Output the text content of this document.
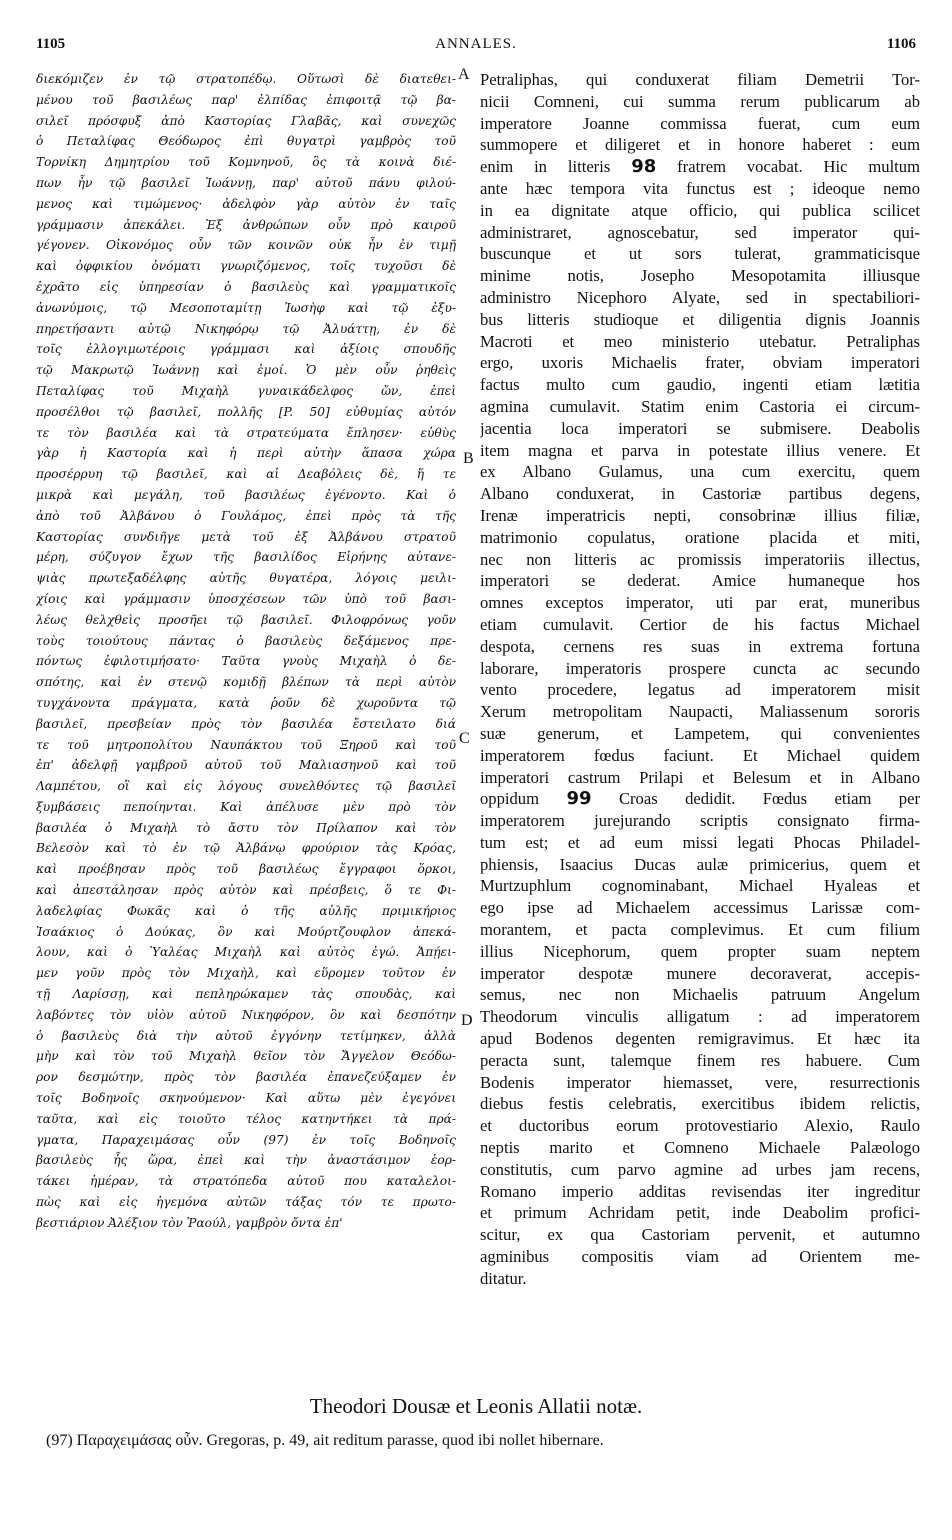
1105	ANNALES.	1106
διεκόμιζεν ἐν τῷ στρατοπέδῳ. Οὕτωσὶ δὲ διατεθει-
μένου τοῦ βασιλέως παρ' ἐλπίδας ἐπιφοιτᾷ τῷ βα-
σιλεῖ πρόσφυξ ἀπὸ Καστορίας Γλαβᾶς, καὶ συνεχῶς
ὁ Πεταλίφας Θεόδωρος ἐπὶ θυγατρὶ γαμβρὸς τοῦ
Τορνίκη Δημητρίου τοῦ Κομνηνοῦ, ὃς τὰ κοινὰ διέ-
πων ἦν τῷ βασιλεῖ Ἰωάννῃ, παρ' αὐτοῦ πάνυ φιλού-
μενος καὶ τιμώμενος· ἀδελφὸν γὰρ αὐτὸν ἐν ταῖς
γράμμασιν ἀπεκάλει. Ἐξ ἀνθρώπων οὖν πρὸ καιροῦ
γέγονεν. Οἰκονόμος οὖν τῶν κοινῶν οὐκ ἦν ἐν τιμῇ
καὶ ὀφφικίου ὀνόματι γνωριζόμενος, τοῖς τυχοῦσι δὲ
ἐχρᾶτο εἰς ὑπηρεσίαν ὁ βασιλεὺς καὶ γραμματικοῖς
ἀνωνύμοις, τῷ Μεσοποταμίτῃ Ἰωσὴφ καὶ τῷ ἐξυ-
πηρετήσαντι αὐτῷ Νικηφόρῳ τῷ Ἀλυάττῃ, ἐν δὲ
τοῖς ἐλλογιμωτέροις γράμμασι καὶ ἀξίοις σπουδῆς
τῷ Μακρωτῷ Ἰωάννῃ καὶ ἐμοί. Ὁ μὲν οὖν ῥηθεὶς
Πεταλίφας τοῦ Μιχαὴλ γυναικάδελφος ὤν, ἐπεὶ
προσέλθοι τῷ βασιλεῖ, πολλῆς [P. 50] εὐθυμίας αὐτόν
τε τὸν βασιλέα καὶ τὰ στρατεύματα ἔπλησεν· εὐθὺς
γὰρ ἡ Καστορία καὶ ἡ περὶ αὐτὴν ἅπασα χώρα
προσέρρυη τῷ βασιλεῖ, καὶ αἱ Δεαβόλεις δὲ, ἥ τε
μικρὰ καὶ μεγάλη, τοῦ βασιλέως ἐγένοντο. Καὶ ὁ
ἀπὸ τοῦ Ἀλβάνου ὁ Γουλάμος, ἐπεὶ πρὸς τὰ τῆς
Καστορίας συνδιῆγε μετὰ τοῦ ἐξ Ἀλβάνου στρατοῦ
μέρη, σύζυγον ἔχων τῆς βασιλίδος Εἰρήνης αὐτανε-
ψιὰς πρωτεξαδέλφης αὐτῆς θυγατέρα, λόγοις μειλι-
χίοις καὶ γράμμασιν ὑποσχέσεων τῶν ὑπὸ τοῦ βασι-
λέως θελχθεὶς προσῆει τῷ βασιλεῖ. Φιλοφρόνως γοῦν
τοὺς τοιούτους πάντας ὁ βασιλεὺς δεξάμενος πρε-
πόντως ἐφιλοτιμήσατο· Ταῦτα γνοὺς Μιχαὴλ ὁ δε-
σπότης, καὶ ἐν στενῷ κομιδῇ βλέπων τὰ περὶ αὐτὸν
τυγχάνοντα πράγματα, κατὰ ῥοῦν δὲ χωροῦντα τῷ
βασιλεῖ, πρεσβείαν πρὸς τὸν βασιλέα ἔστειλατο διά
τε τοῦ μητροπολίτου Ναυπάκτου τοῦ Ξηροῦ καὶ τοῦ
ἐπ' ἀδελφῇ γαμβροῦ αὐτοῦ τοῦ Μαλιασηνοῦ καὶ τοῦ
Λαμπέτου, οἳ καὶ εἰς λόγους συνελθόντες τῷ βασιλεῖ
ξυμβάσεις πεποίηνται. Καὶ ἀπέλυσε μὲν πρὸ τὸν
βασιλέα ὁ Μιχαὴλ τὸ ἄστυ τὸν Πρίλαπον καὶ τὸν
Βελεσὸν καὶ τὸ ἐν τῷ Ἀλβάνῳ φρούριον τὰς Κρόας,
καὶ προέβησαν πρὸς τοῦ βασιλέως ἔγγραφοι ὅρκοι,
καὶ ἀπεστάλησαν πρὸς αὐτὸν καὶ πρέσβεις, ὅ τε Φι-
λαδελφίας Φωκᾶς καὶ ὁ τῆς αὐλῆς πριμικήριος
Ἰσαάκιος ὁ Δούκας, ὃν καὶ Μούρτζουφλον ἀπεκά-
λουν, καὶ ὁ Ὑαλέας Μιχαὴλ καὶ αὐτὸς ἐγώ. Ἀπῄει-
μεν γοῦν πρὸς τὸν Μιχαὴλ, καὶ εὕρομεν τοῦτον ἐν
τῇ Λαρίσσῃ, καὶ πεπληρώκαμεν τὰς σπουδὰς, καὶ
λαβόντες τὸν υἱὸν αὐτοῦ Νικηφόρον, ὃν καὶ δεσπότην
ὁ βασιλεὺς διὰ τὴν αὐτοῦ ἐγγόνην τετίμηκεν, ἀλλὰ
μὴν καὶ τὸν τοῦ Μιχαὴλ θεῖον τὸν Ἄγγελον Θεόδω-
ρον δεσμώτην, πρὸς τὸν βασιλέα ἐπανεζεύξαμεν ἐν
τοῖς Βοδηνοῖς σκηνούμενον· Καὶ αὕτω μὲν ἐγεγόνει
ταῦτα, καὶ εἰς τοιοῦτο τέλος κατηντήκει τὰ πρά-
γματα, Παραχειμάσας οὖν (97) ἐν τοῖς Βοδηνοῖς
βασιλεὺς ἧς ὥρα, ἐπεὶ καὶ τὴν ἀναστάσιμον ἑορ-
τάκει ἡμέραν, τὰ στρατόπεδα αὐτοῦ που καταλελοι-
πὼς καὶ εἰς ἡγεμόνα αὐτῶν τάξας τόν τε πρωτο-
βεστιάριον Ἀλέξιον τὸν Ῥαούλ, γαμβρὸν ὄντα ἐπ'
A
B
C
D
Petraliphas, qui conduxerat filiam Demetrii Tor-
nicii Comneni, cui summa rerum publicarum ab
imperatore Joanne commissa fuerat, cum eum
summopere et diligeret et in honore haberet : eum
enim in litteris 98 fratrem vocabat. Hic multum
ante hæc tempora vita functus est ; ideoque nemo
in ea dignitate atque officio, qui publica scilicet
administraret, agnoscebatur, sed imperator qui-
buscunque et ut sors tulerat, grammaticisque
minime notis, Josepho Mesopotamita illiusque
administro Nicephoro Alyate, sed in spectabiliori-
bus litteris studioque et diligentia dignis Joannis
Macroti et meo ministerio utebatur. Petraliphas
ergo, uxoris Michaelis frater, obviam imperatori
factus multo cum gaudio, ingenti etiam lætitia
agmina cumulavit. Statim enim Castoria ei circum-
jacentia loca imperatori se submisere. Deabolis
item magna et parva in potestate illius venere. Et
ex Albano Gulamus, una cum exercitu, quem
Albano conduxerat, in Castoriæ partibus degens,
Irenæ imperatricis nepti, consobrinæ illius filiæ,
matrimonio copulatus, oratione placida et miti,
nec non litteris ac promissis imperatoriis illectus,
imperatori se dederat. Amice humaneque hos
omnes exceptos imperator, uti par erat, muneribus
etiam cumulavit. Certior de his factus Michael
despota, cernens res suas in extrema fortuna
laborare, imperatoris prospere cuncta ac secundo
vento procedere, legatus ad imperatorem misit
Xerum metropolitam Naupacti, Maliassenum sororis
suæ generum, et Lampetem, qui convenientes
imperatorem fœdus faciunt. Et Michael quidem
imperatori castrum Prilapi et Belesum et in Albano
oppidum 99 Croas dedidit. Fœdus etiam per
imperatorem jurejurando scriptis consignato firma-
tum est; et ad eum missi legati Phocas Philadel-
phiensis, Isaacius Ducas aulæ primicerius, quem et
Murtzuphlum cognominabant, Michael Hyaleas et
ego ipse ad Michaelem accessimus Larissæ com-
morantem, et pacta complevimus. Et cum filium
illius Nicephorum, quem propter suam neptem
imperator despotæ munere decoraverat, accepis-
semus, nec non Michaelis patruum Angelum
Theodorum vinculis alligatum : ad imperatorem
apud Bodenos degenten remigravimus. Et hæc ita
peracta sunt, talemque finem res habuere. Cum
Bodenis imperator hiemasset, vere, resurrectionis
diebus festis celebratis, exercitibus ibidem relictis,
et ductoribus eorum protovestiario Alexio, Raulo
neptis marito et Comneno Michaele Palæologo
constitutis, cum parvo agmine ad urbes jam recens,
Romano imperio additas revisendas iter ingreditur
et primum Achridam petit, inde Deabolim profici-
scitur, ex qua Castoriam pervenit, et autumno
agminibus compositis viam ad Orientem me-
ditatur.
Theodori Dousæ et Leonis Allatii notæ.
(97) Παραχειμάσας οὖν. Gregoras, p. 49, ait reditum parasse, quod ibi nollet hibernare.
